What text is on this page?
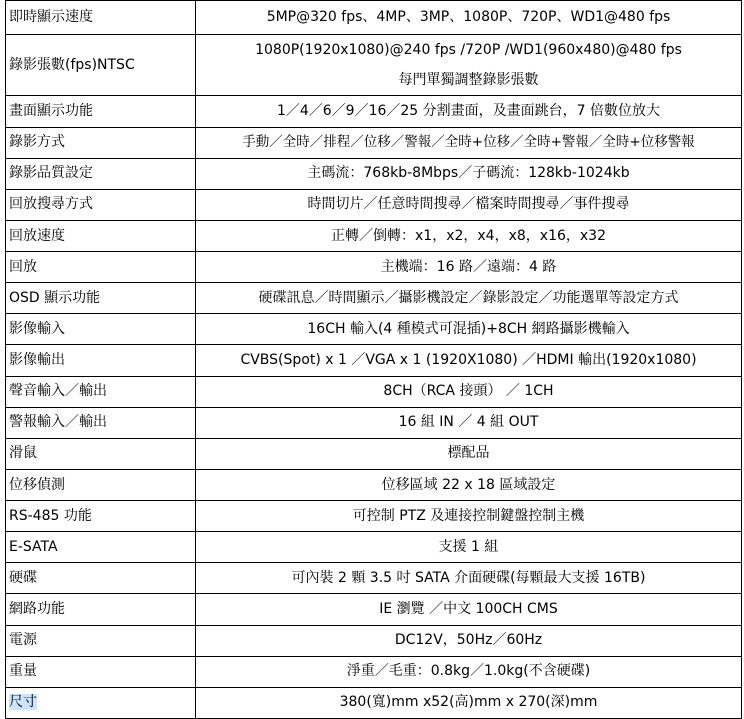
即時顯示速度	5MP@320 fps、4MP、3MP、1080P、720P、WD1@480 fps
錄影張數(fps)NTSC	1080P(1920x1080)@240 fps /720P /WD1(960x480)@480 fps
每門單獨調整錄影張數

畫面顯示功能	1／4／6／9／16／25 分割畫面，及畫面跳台，7 倍數位放大
錄影方式	手動／全時／排程／位移／警報／全時+位移／全時+警報／全時+位移警報
錄影品質設定	主碼流：768kb-8Mbps／子碼流：128kb-1024kb
回放搜尋方式	時間切片／任意時間搜尋／檔案時間搜尋／事件搜尋
回放速度	正轉／倒轉：x1，x2，x4，x8，x16，x32
回放	主機端：16 路／遠端：4 路
OSD 顯示功能	硬碟訊息／時間顯示／攝影機設定／錄影設定／功能選單等設定方式
影像輸入	16CH 輸入(4 種模式可混插)+8CH 網路攝影機輸入
影像輸出	CVBS(Spot) x 1 ／VGA x 1 (1920X1080) ／HDMI 輸出(1920x1080)
聲音輸入／輸出	8CH（RCA 接頭） ／ 1CH
警報輸入／輸出	16 組 IN ／ 4 組 OUT
滑鼠	標配品
位移偵測	位移區域 22 x 18 區域設定
RS-485 功能	可控制 PTZ 及連接控制鍵盤控制主機
E-SATA	支援 1 組
硬碟	可內裝 2 顆 3.5 吋 SATA 介面硬碟(每顆最大支援 16TB)
網路功能	IE 瀏覽 ／中文 100CH CMS
電源	DC12V，50Hz／60Hz
重量	淨重／毛重：0.8kg／1.0kg(不含硬碟)
尺寸	380(寬)mm x52(高)mm x 270(深)mm
